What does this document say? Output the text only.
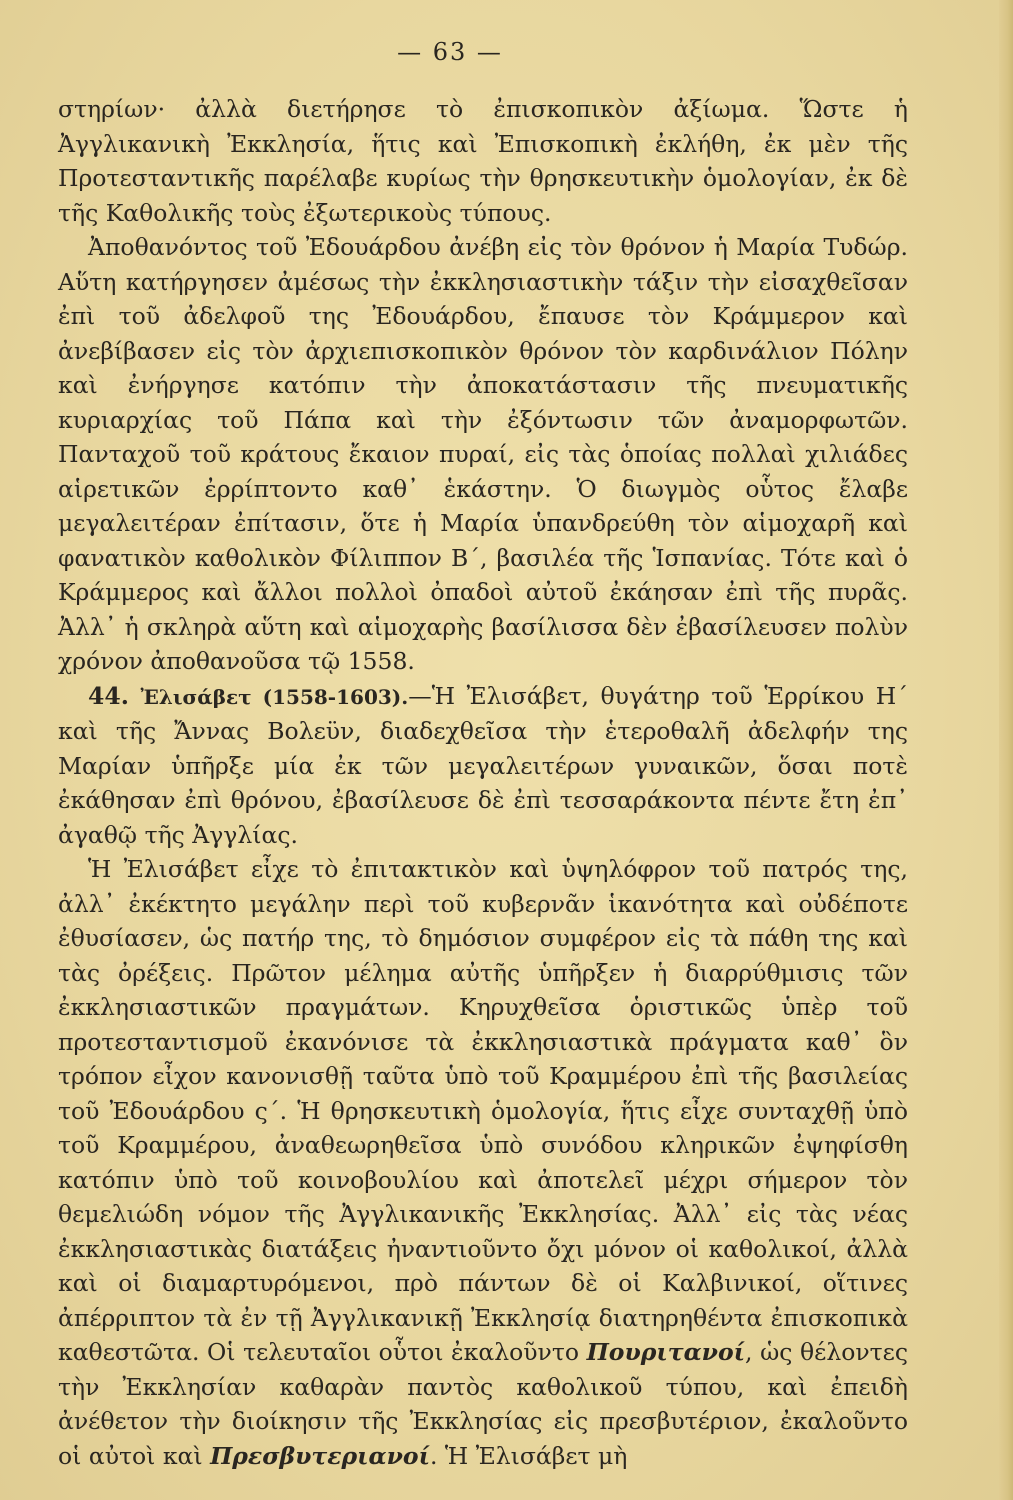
— 63 —

στηρίων· ἀλλὰ διετήρησε τὸ ἐπισκοπικὸν ἀξίωμα. Ὥστε ἡ Ἀγγλικανικὴ Ἐκκλησία, ἥτις καὶ Ἐπισκοπικὴ ἐκλήθη, ἐκ μὲν τῆς Προτεσταντικῆς παρέλαβε κυρίως τὴν θρησκευτικὴν ὁμολογίαν, ἐκ δὲ τῆς Καθολικῆς τοὺς ἐξωτερικοὺς τύπους.

Ἀποθανόντος τοῦ Ἐδουάρδου ἀνέβη εἰς τὸν θρόνον ἡ Μαρία Τυδώρ. Αὕτη κατήργησεν ἀμέσως τὴν ἐκκλησιαστικὴν τάξιν τὴν εἰσαχθεῖσαν ἐπὶ τοῦ ἀδελφοῦ της Ἐδουάρδου, ἔπαυσε τὸν Κράμμερον καὶ ἀνεβίβασεν εἰς τὸν ἀρχιεπισκοπικὸν θρόνον τὸν καρδινάλιον Πόλην καὶ ἐνήργησε κατόπιν τὴν ἀποκατάστασιν τῆς πνευματικῆς κυριαρχίας τοῦ Πάπα καὶ τὴν ἐξόντωσιν τῶν ἀναμορφωτῶν. Πανταχοῦ τοῦ κράτους ἔκαιον πυραί, εἰς τὰς ὁποίας πολλαὶ χιλιάδες αἱρετικῶν ἐρρίπτοντο καθ᾿ ἑκάστην. Ὁ διωγμὸς οὗτος ἔλαβε μεγαλειτέραν ἐπίτασιν, ὅτε ἡ Μαρία ὑπανδρεύθη τὸν αἱμοχαρῆ καὶ φανατικὸν καθολικὸν Φίλιππον Β΄, βασιλέα τῆς Ἱσπανίας. Τότε καὶ ὁ Κράμμερος καὶ ἄλλοι πολλοὶ ὀπαδοὶ αὐτοῦ ἐκάησαν ἐπὶ τῆς πυρᾶς. Ἀλλ᾿ ἡ σκληρὰ αὕτη καὶ αἱμοχαρὴς βασίλισσα δὲν ἐβασίλευσεν πολὺν χρόνον ἀποθανοῦσα τῷ 1558.

44. Ἐλισάβετ (1558-1603).—Ἡ Ἐλισάβετ, θυγάτηρ τοῦ Ἑρρίκου Η΄ καὶ τῆς Ἄννας Βολεϋν, διαδεχθεῖσα τὴν ἑτεροθαλῆ ἀδελφήν της Μαρίαν ὑπῆρξε μία ἐκ τῶν μεγαλειτέρων γυναικῶν, ὅσαι ποτὲ ἐκάθησαν ἐπὶ θρόνου, ἐβασίλευσε δὲ ἐπὶ τεσσαράκοντα πέντε ἔτη ἐπ᾿ ἀγαθῷ τῆς Ἀγγλίας.

Ἡ Ἐλισάβετ εἶχε τὸ ἐπιτακτικὸν καὶ ὑψηλόφρον τοῦ πατρός της, ἀλλ᾿ ἐκέκτητο μεγάλην περὶ τοῦ κυβερνᾶν ἱκανότητα καὶ οὐδέποτε ἐθυσίασεν, ὡς πατήρ της, τὸ δημόσιον συμφέρον εἰς τὰ πάθη της καὶ τὰς ὀρέξεις. Πρῶτον μέλημα αὐτῆς ὑπῆρξεν ἡ διαρρύθμισις τῶν ἐκκλησιαστικῶν πραγμάτων. Κηρυχθεῖσα ὁριστικῶς ὑπὲρ τοῦ προτεσταντισμοῦ ἐκανόνισε τὰ ἐκκλησιαστικὰ πράγματα καθ᾿ ὃν τρόπον εἶχον κανονισθῇ ταῦτα ὑπὸ τοῦ Κραμμέρου ἐπὶ τῆς βασιλείας τοῦ Ἐδουάρδου ς΄. Ἡ θρησκευτικὴ ὁμολογία, ἥτις εἶχε συνταχθῇ ὑπὸ τοῦ Κραμμέρου, ἀναθεωρηθεῖσα ὑπὸ συνόδου κληρικῶν ἐψηφίσθη κατόπιν ὑπὸ τοῦ κοινοβουλίου καὶ ἀποτελεῖ μέχρι σήμερον τὸν θεμελιώδη νόμον τῆς Ἀγγλικανικῆς Ἐκκλησίας. Ἀλλ᾿ εἰς τὰς νέας ἐκκλησιαστικὰς διατάξεις ἠναντιοῦντο ὄχι μόνον οἱ καθολικοί, ἀλλὰ καὶ οἱ διαμαρτυρόμενοι, πρὸ πάντων δὲ οἱ Καλβινικοί, οἵτινες ἀπέρριπτον τὰ ἐν τῇ Ἀγγλικανικῇ Ἐκκλησίᾳ διατηρηθέντα ἐπισκοπικὰ καθεστῶτα. Οἱ τελευταῖοι οὗτοι ἐκαλοῦντο Πουριτανοί, ὡς θέλοντες τὴν Ἐκκλησίαν καθαρὰν παντὸς καθολικοῦ τύπου, καὶ ἐπειδὴ ἀνέθετον τὴν διοίκησιν τῆς Ἐκκλησίας εἰς πρεσβυτέριον, ἐκαλοῦντο οἱ αὐτοὶ καὶ Πρεσβυτεριανοί. Ἡ Ἐλισάβετ μὴ
